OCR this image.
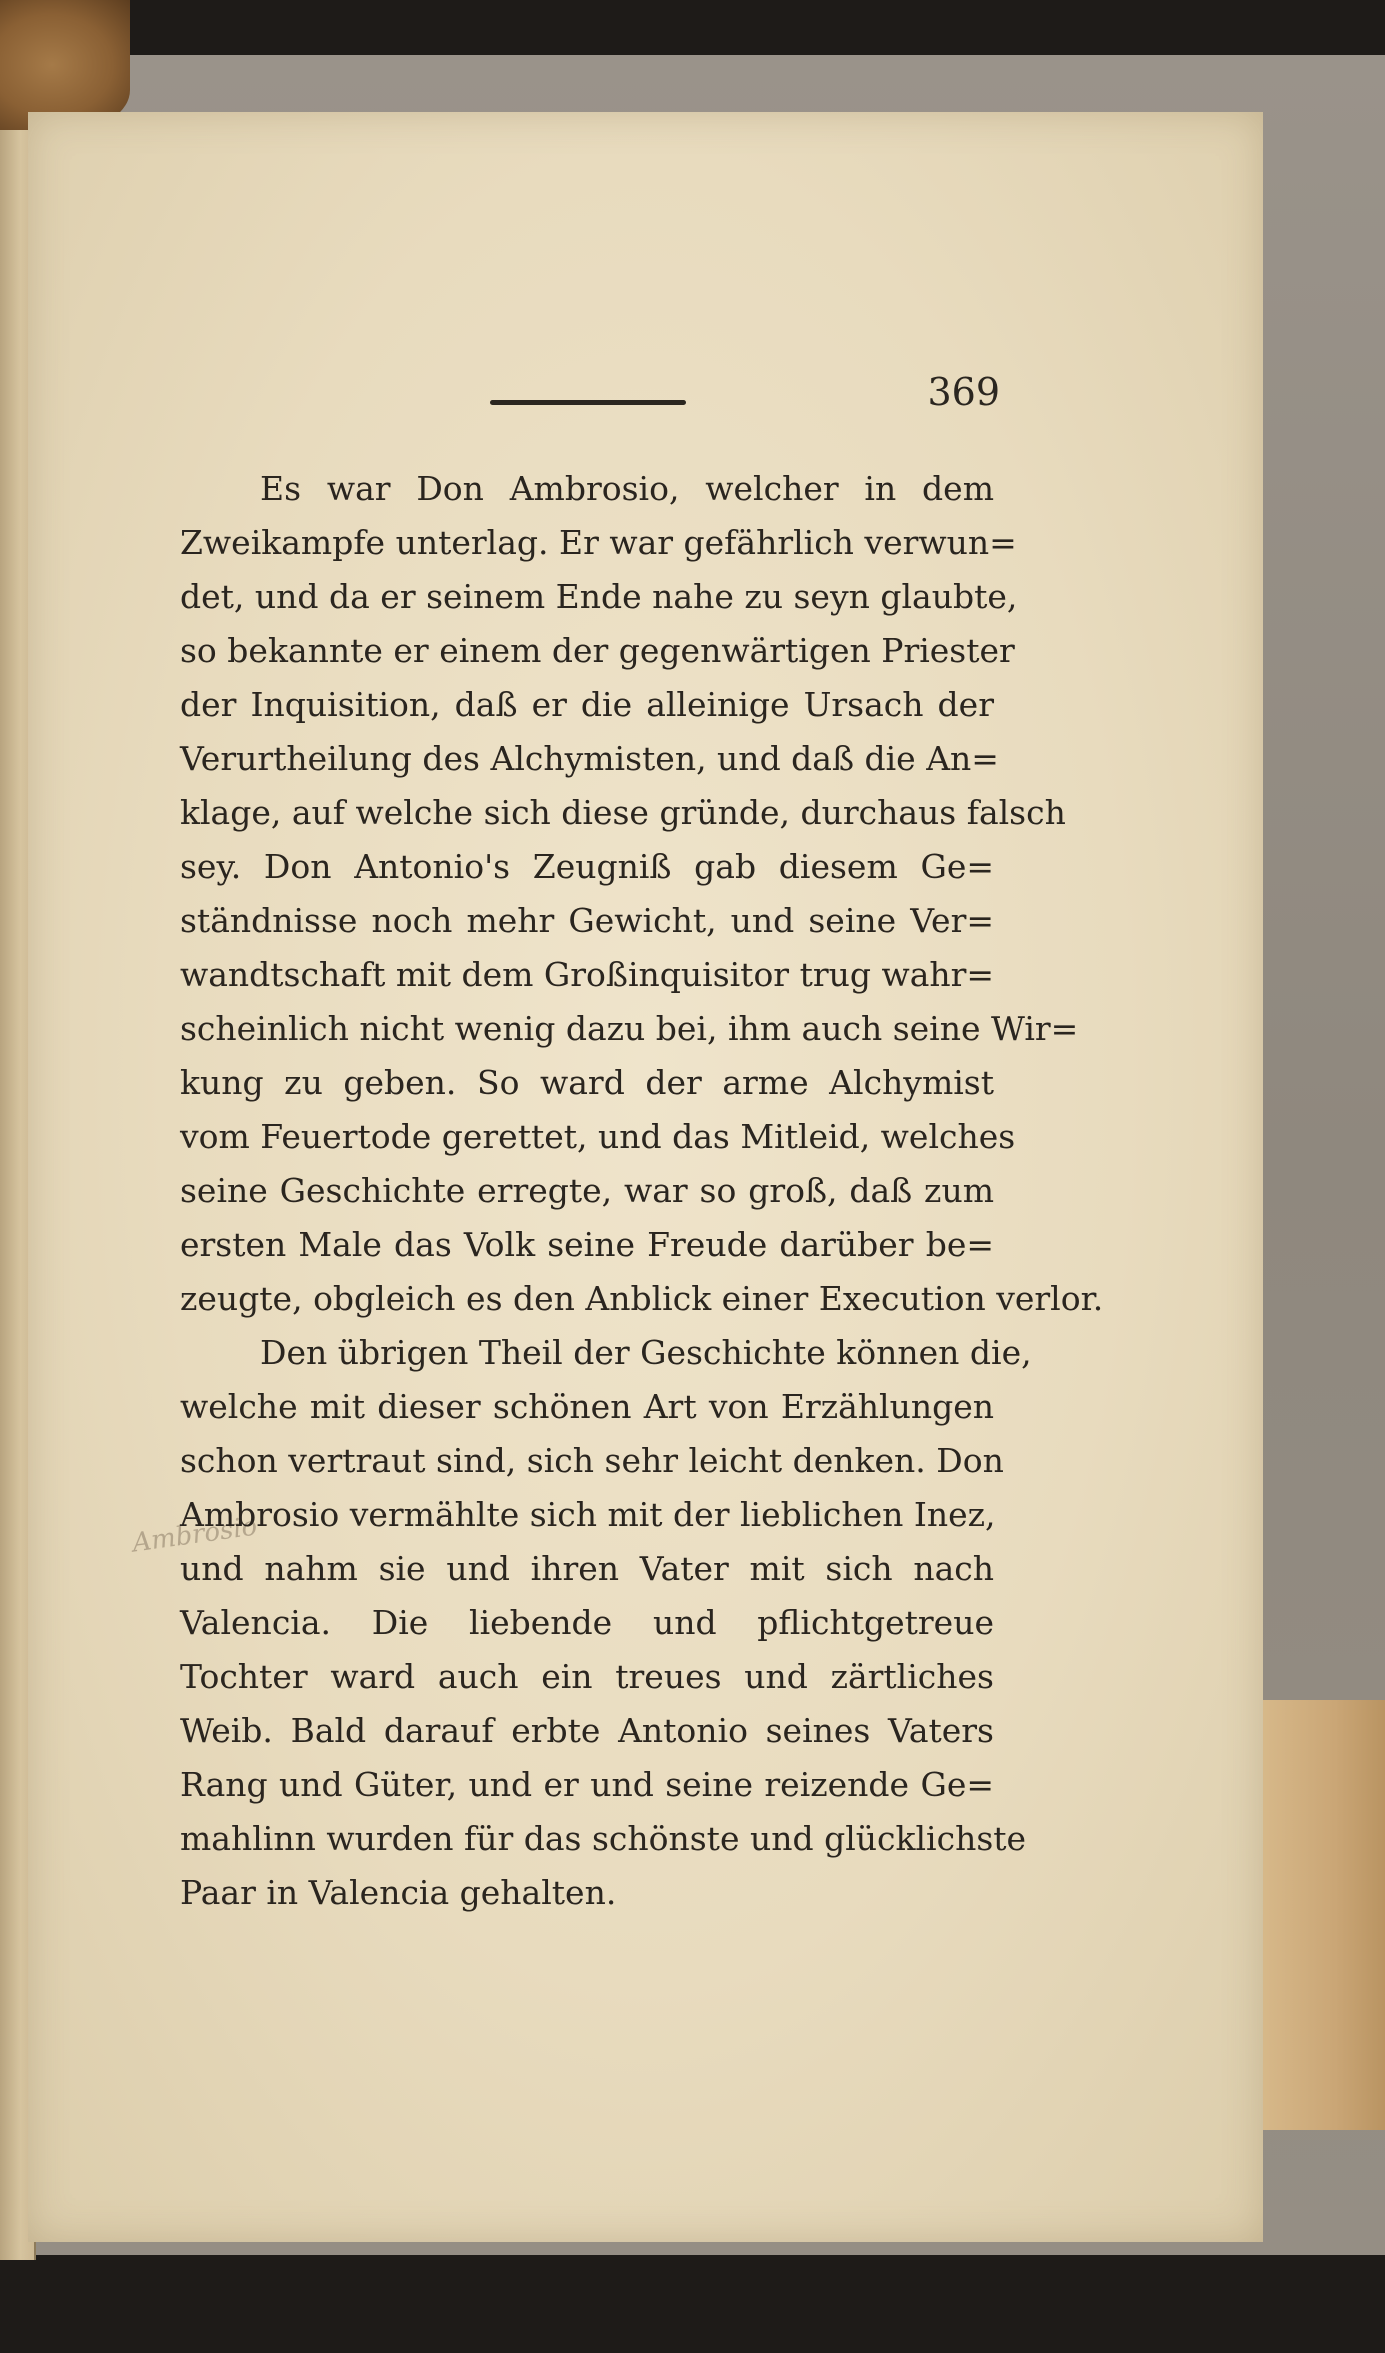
369
Ambrosio
Es war Don Ambrosio, welcher in dem
Zweikampfe unterlag. Er war gefährlich verwun=
det, und da er seinem Ende nahe zu seyn glaubte,
so bekannte er einem der gegenwärtigen Priester
der Inquisition, daß er die alleinige Ursach der
Verurtheilung des Alchymisten, und daß die An=
klage, auf welche sich diese gründe, durchaus falsch
sey. Don Antonio's Zeugniß gab diesem Ge=
ständnisse noch mehr Gewicht, und seine Ver=
wandtschaft mit dem Großinquisitor trug wahr=
scheinlich nicht wenig dazu bei, ihm auch seine Wir=
kung zu geben. So ward der arme Alchymist
vom Feuertode gerettet, und das Mitleid, welches
seine Geschichte erregte, war so groß, daß zum
ersten Male das Volk seine Freude darüber be=
zeugte, obgleich es den Anblick einer Execution verlor.
Den übrigen Theil der Geschichte können die,
welche mit dieser schönen Art von Erzählungen
schon vertraut sind, sich sehr leicht denken. Don
Ambrosio vermählte sich mit der lieblichen Inez,
und nahm sie und ihren Vater mit sich nach
Valencia. Die liebende und pflichtgetreue
Tochter ward auch ein treues und zärtliches
Weib. Bald darauf erbte Antonio seines Vaters
Rang und Güter, und er und seine reizende Ge=
mahlinn wurden für das schönste und glücklichste
Paar in Valencia gehalten.
